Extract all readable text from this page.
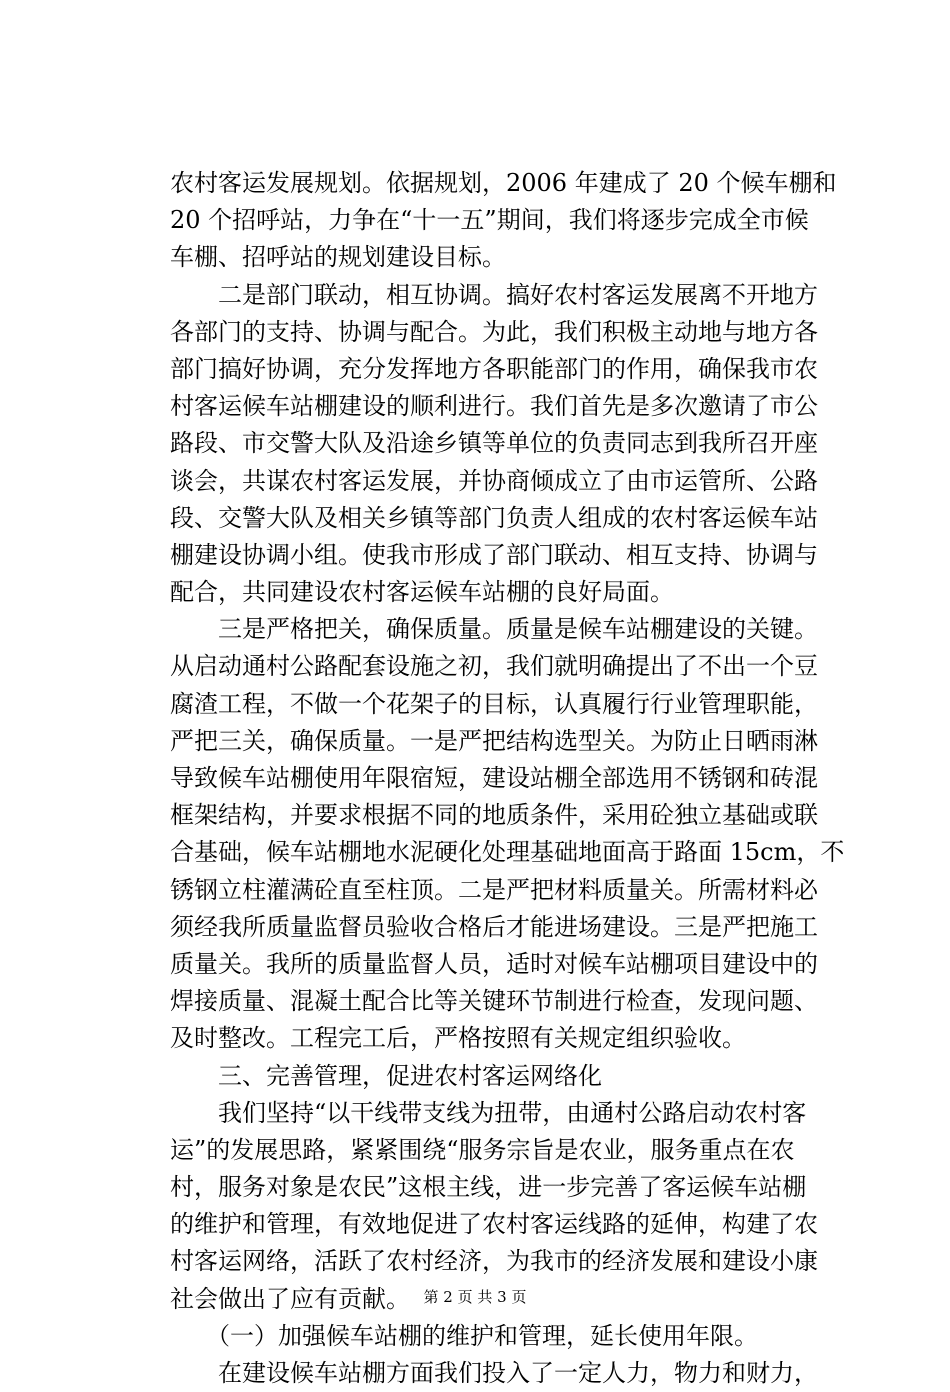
农村客运发展规划。依据规划，2006 年建成了 20 个候车棚和
20 个招呼站，力争在“十一五”期间，我们将逐步完成全市候
车棚、招呼站的规划建设目标。
　　二是部门联动，相互协调。搞好农村客运发展离不开地方
各部门的支持、协调与配合。为此，我们积极主动地与地方各
部门搞好协调，充分发挥地方各职能部门的作用，确保我市农
村客运候车站棚建设的顺利进行。我们首先是多次邀请了市公
路段、市交警大队及沿途乡镇等单位的负责同志到我所召开座
谈会，共谋农村客运发展，并协商倾成立了由市运管所、公路
段、交警大队及相关乡镇等部门负责人组成的农村客运候车站
棚建设协调小组。使我市形成了部门联动、相互支持、协调与
配合，共同建设农村客运候车站棚的良好局面。
　　三是严格把关，确保质量。质量是候车站棚建设的关键。
从启动通村公路配套设施之初，我们就明确提出了不出一个豆
腐渣工程，不做一个花架子的目标，认真履行行业管理职能，
严把三关，确保质量。一是严把结构选型关。为防止日晒雨淋
导致候车站棚使用年限宿短，建设站棚全部选用不锈钢和砖混
框架结构，并要求根据不同的地质条件，采用砼独立基础或联
合基础，候车站棚地水泥硬化处理基础地面高于路面 15cm，不
锈钢立柱灌满砼直至柱顶。二是严把材料质量关。所需材料必
须经我所质量监督员验收合格后才能进场建设。三是严把施工
质量关。我所的质量监督人员，适时对候车站棚项目建设中的
焊接质量、混凝土配合比等关键环节制进行检查，发现问题、
及时整改。工程完工后，严格按照有关规定组织验收。
　　三、完善管理，促进农村客运网络化
　　我们坚持“以干线带支线为扭带，由通村公路启动农村客
运”的发展思路，紧紧围绕“服务宗旨是农业，服务重点在农
村，服务对象是农民”这根主线，进一步完善了客运候车站棚
的维护和管理，有效地促进了农村客运线路的延伸，构建了农
村客运网络，活跃了农村经济，为我市的经济发展和建设小康
社会做出了应有贡献。
　　（一）加强候车站棚的维护和管理，延长使用年限。
　　在建设候车站棚方面我们投入了一定人力，物力和财力，
第 2 页 共 3 页
